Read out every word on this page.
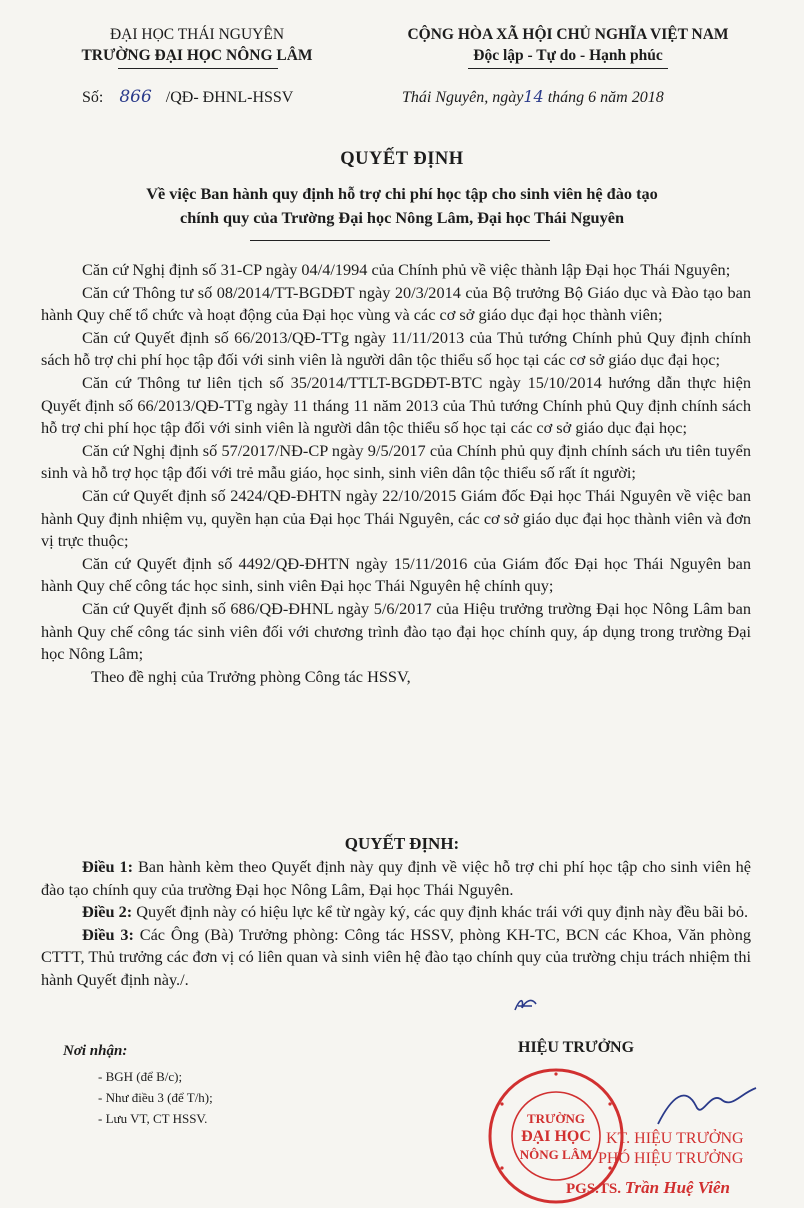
ĐẠI HỌC THÁI NGUYÊN
TRƯỜNG ĐẠI HỌC NÔNG LÂM
CỘNG HÒA XÃ HỘI CHỦ NGHĨA VIỆT NAM
Độc lập - Tự do - Hạnh phúc
Số: 866 /QĐ- ĐHNL-HSSV	Thái Nguyên, ngày14 tháng 6 năm 2018
QUYẾT ĐỊNH
Về việc Ban hành quy định hỗ trợ chi phí học tập cho sinh viên hệ đào tạo
chính quy của Trường Đại học Nông Lâm, Đại học Thái Nguyên

Căn cứ Nghị định số 31-CP ngày 04/4/1994 của Chính phủ về việc thành lập Đại học Thái Nguyên;

Căn cứ Thông tư số 08/2014/TT-BGDĐT ngày 20/3/2014 của Bộ trưởng Bộ Giáo dục và Đào tạo ban hành Quy chế tổ chức và hoạt động của Đại học vùng và các cơ sở giáo dục đại học thành viên;

Căn cứ Quyết định số 66/2013/QĐ-TTg ngày 11/11/2013 của Thủ tướng Chính phủ Quy định chính sách hỗ trợ chi phí học tập đối với sinh viên là người dân tộc thiểu số học tại các cơ sở giáo dục đại học;

Căn cứ Thông tư liên tịch số 35/2014/TTLT-BGDĐT-BTC ngày 15/10/2014 hướng dẫn thực hiện Quyết định số 66/2013/QĐ-TTg ngày 11 tháng 11 năm 2013 của Thủ tướng Chính phủ Quy định chính sách hỗ trợ chi phí học tập đối với sinh viên là người dân tộc thiểu số học tại các cơ sở giáo dục đại học;

Căn cứ Nghị định số 57/2017/NĐ-CP ngày 9/5/2017 của Chính phủ quy định chính sách ưu tiên tuyển sinh và hỗ trợ học tập đối với trẻ mẫu giáo, học sinh, sinh viên dân tộc thiểu số rất ít người;

Căn cứ Quyết định số 2424/QĐ-ĐHTN ngày 22/10/2015 Giám đốc Đại học Thái Nguyên về việc ban hành Quy định nhiệm vụ, quyền hạn của Đại học Thái Nguyên, các cơ sở giáo dục đại học thành viên và đơn vị trực thuộc;

Căn cứ Quyết định số 4492/QĐ-ĐHTN ngày 15/11/2016 của Giám đốc Đại học Thái Nguyên ban hành Quy chế công tác học sinh, sinh viên Đại học Thái Nguyên hệ chính quy;

Căn cứ Quyết định số 686/QĐ-ĐHNL ngày 5/6/2017 của Hiệu trưởng trường Đại học Nông Lâm ban hành Quy chế công tác sinh viên đối với chương trình đào tạo đại học chính quy, áp dụng trong trường Đại học Nông Lâm;

Theo đề nghị của Trưởng phòng Công tác HSSV,

QUYẾT ĐỊNH:

Điều 1: Ban hành kèm theo Quyết định này quy định về việc hỗ trợ chi phí học tập cho sinh viên hệ đào tạo chính quy của trường Đại học Nông Lâm, Đại học Thái Nguyên.

Điều 2: Quyết định này có hiệu lực kể từ ngày ký, các quy định khác trái với quy định này đều bãi bỏ.

Điều 3: Các Ông (Bà) Trưởng phòng: Công tác HSSV, phòng KH-TC, BCN các Khoa, Văn phòng CTTT, Thủ trưởng các đơn vị có liên quan và sinh viên hệ đào tạo chính quy của trường chịu trách nhiệm thi hành Quyết định này./.

Nơi nhận:
- BGH (để B/c);
- Như điều 3 (để T/h);
- Lưu VT, CT HSSV.
HIỆU TRƯỞNG
TRƯỜNG
ĐẠI HỌC
NÔNG LÂM
KT. HIỆU TRƯỞNG
PHÓ HIỆU TRƯỞNG
PGS.TS. Trần Huệ Viên
